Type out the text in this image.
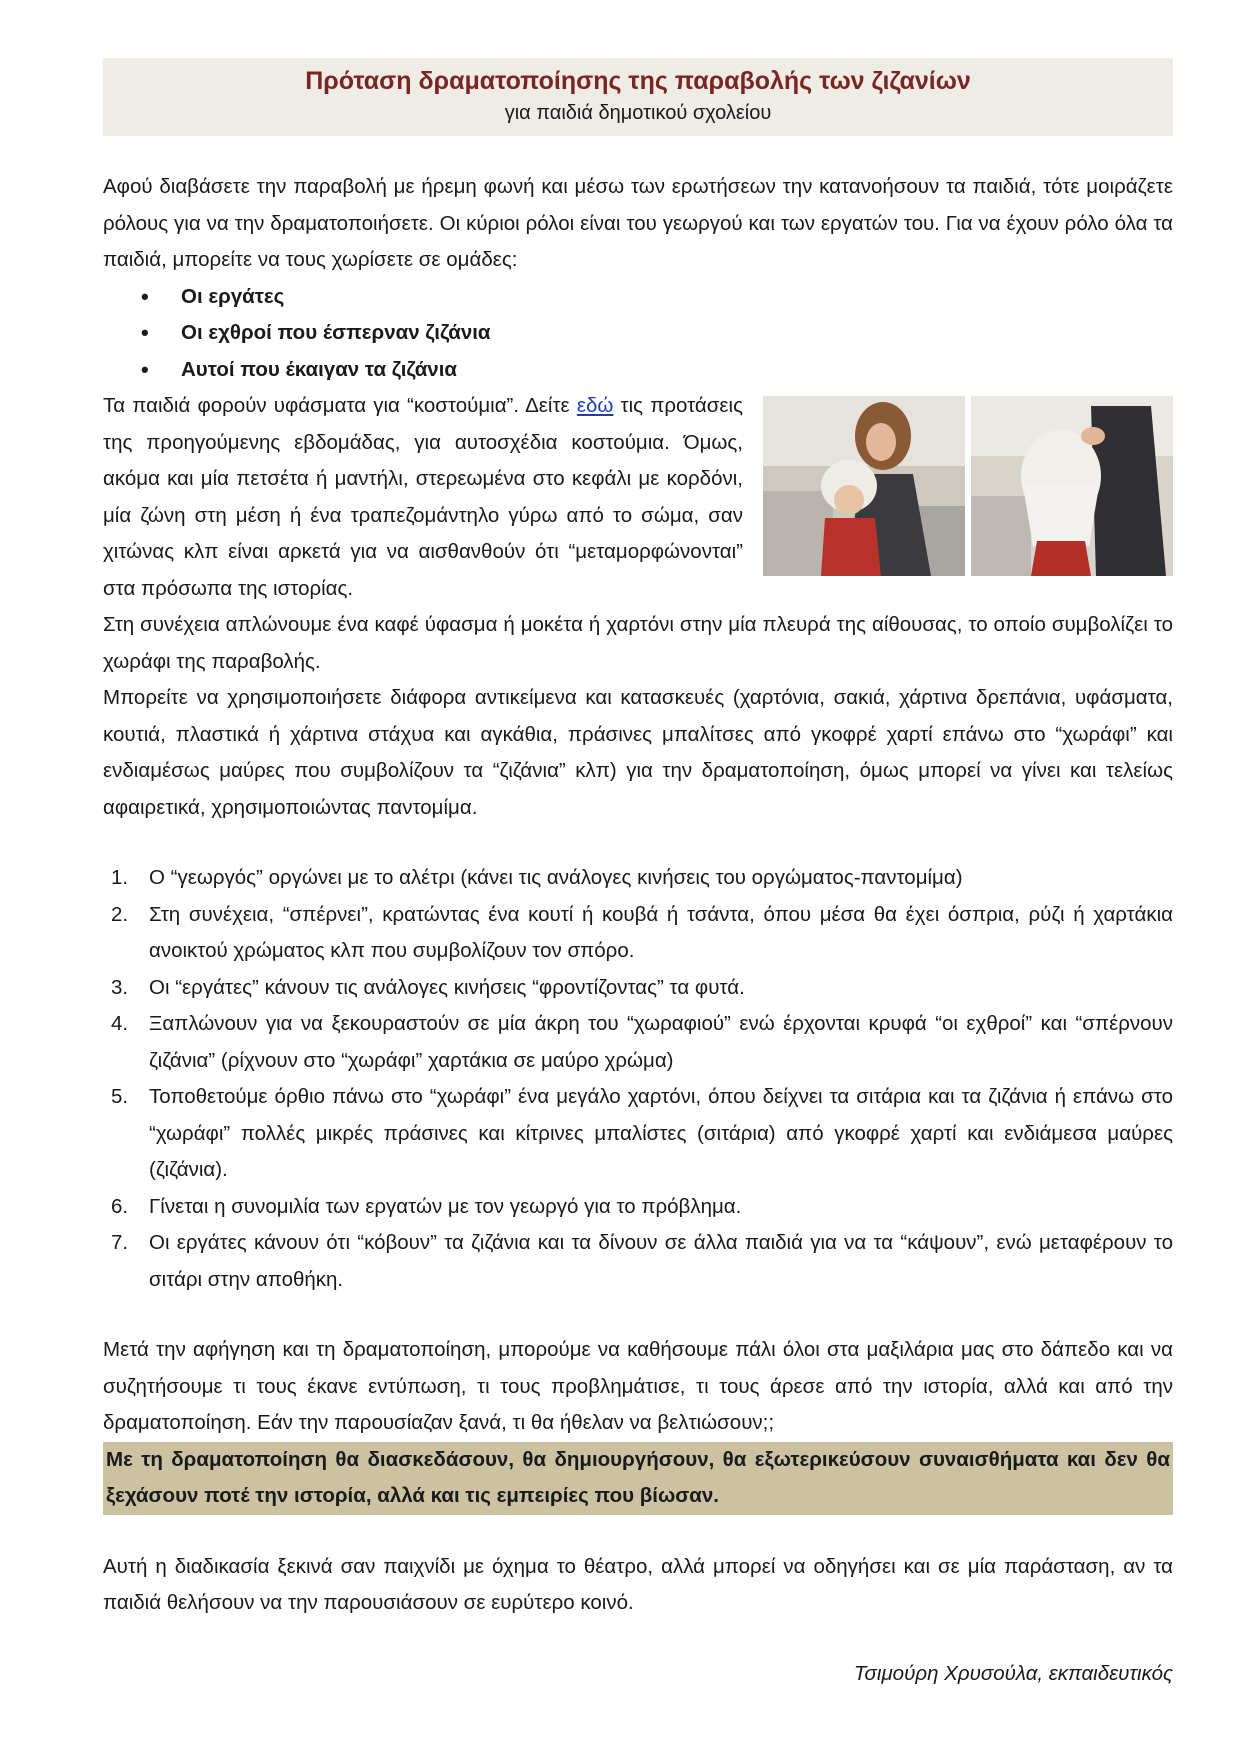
Πρόταση δραματοποίησης της παραβολής των ζιζανίων
για παιδιά δημοτικού σχολείου

Αφού διαβάσετε την παραβολή με ήρεμη φωνή και μέσω των ερωτήσεων την κατανοήσουν τα παιδιά, τότε μοιράζετε ρόλους για να την δραματοποιήσετε. Οι κύριοι ρόλοι είναι του γεωργού και των εργατών του. Για να έχουν ρόλο όλα τα παιδιά, μπορείτε να τους χωρίσετε σε ομάδες:

• Οι εργάτες
• Οι εχθροί που έσπερναν ζιζάνια
• Αυτοί που έκαιγαν τα ζιζάνια

Τα παιδιά φορούν υφάσματα για “κοστούμια”. Δείτε εδώ τις προτάσεις της προηγούμενης εβδομάδας, για αυτοσχέδια κοστούμια. Όμως, ακόμα και μία πετσέτα ή μαντήλι, στερεωμένα στο κεφάλι με κορδόνι, μία ζώνη στη μέση ή ένα τραπεζομάντηλο γύρω από το σώμα, σαν χιτώνας κλπ είναι αρκετά για να αισθανθούν ότι “μεταμορφώνονται” στα πρόσωπα της ιστορίας.

Στη συνέχεια απλώνουμε ένα καφέ ύφασμα ή μοκέτα ή χαρτόνι στην μία πλευρά της αίθουσας, το οποίο συμβολίζει το χωράφι της παραβολής.

Μπορείτε να χρησιμοποιήσετε διάφορα αντικείμενα και κατασκευές (χαρτόνια, σακιά, χάρτινα δρεπάνια, υφάσματα, κουτιά, πλαστικά ή χάρτινα στάχυα και αγκάθια, πράσινες μπαλίτσες από γκοφρέ χαρτί επάνω στο “χωράφι” και ενδιαμέσως μαύρες που συμβολίζουν τα “ζιζάνια” κλπ) για την δραματοποίηση, όμως μπορεί να γίνει και τελείως αφαιρετικά, χρησιμοποιώντας παντομίμα.

1. Ο “γεωργός” οργώνει με το αλέτρι (κάνει τις ανάλογες κινήσεις του οργώματος-παντομίμα)
2. Στη συνέχεια, “σπέρνει”, κρατώντας ένα κουτί ή κουβά ή τσάντα, όπου μέσα θα έχει όσπρια, ρύζι ή χαρτάκια ανοικτού χρώματος κλπ που συμβολίζουν τον σπόρο.
3. Οι “εργάτες” κάνουν τις ανάλογες κινήσεις “φροντίζοντας” τα φυτά.
4. Ξαπλώνουν για να ξεκουραστούν σε μία άκρη του “χωραφιού” ενώ έρχονται κρυφά “οι εχθροί” και “σπέρνουν ζιζάνια” (ρίχνουν στο “χωράφι” χαρτάκια σε μαύρο χρώμα)
5. Τοποθετούμε όρθιο πάνω στο “χωράφι” ένα μεγάλο χαρτόνι, όπου δείχνει τα σιτάρια και τα ζιζάνια ή επάνω στο “χωράφι” πολλές μικρές πράσινες και κίτρινες μπαλίστες (σιτάρια) από γκοφρέ χαρτί και ενδιάμεσα μαύρες (ζιζάνια).
6. Γίνεται η συνομιλία των εργατών με τον γεωργό για το πρόβλημα.
7. Οι εργάτες κάνουν ότι “κόβουν” τα ζιζάνια και τα δίνουν σε άλλα παιδιά για να τα “κάψουν”, ενώ μεταφέρουν το σιτάρι στην αποθήκη.

Μετά την αφήγηση και τη δραματοποίηση, μπορούμε να καθήσουμε πάλι όλοι στα μαξιλάρια μας στο δάπεδο και να συζητήσουμε τι τους έκανε εντύπωση, τι τους προβλημάτισε, τι τους άρεσε από την ιστορία, αλλά και από την δραματοποίηση. Εάν την παρουσίαζαν ξανά, τι θα ήθελαν να βελτιώσουν;;

Με τη δραματοποίηση θα διασκεδάσουν, θα δημιουργήσουν, θα εξωτερικεύσουν συναισθήματα και δεν θα ξεχάσουν ποτέ την ιστορία, αλλά και τις εμπειρίες που βίωσαν.

Αυτή η διαδικασία ξεκινά σαν παιχνίδι με όχημα το θέατρο, αλλά μπορεί να οδηγήσει και σε μία παράσταση, αν τα παιδιά θελήσουν να την παρουσιάσουν σε ευρύτερο κοινό.

Τσιμούρη Χρυσούλα, εκπαιδευτικός
